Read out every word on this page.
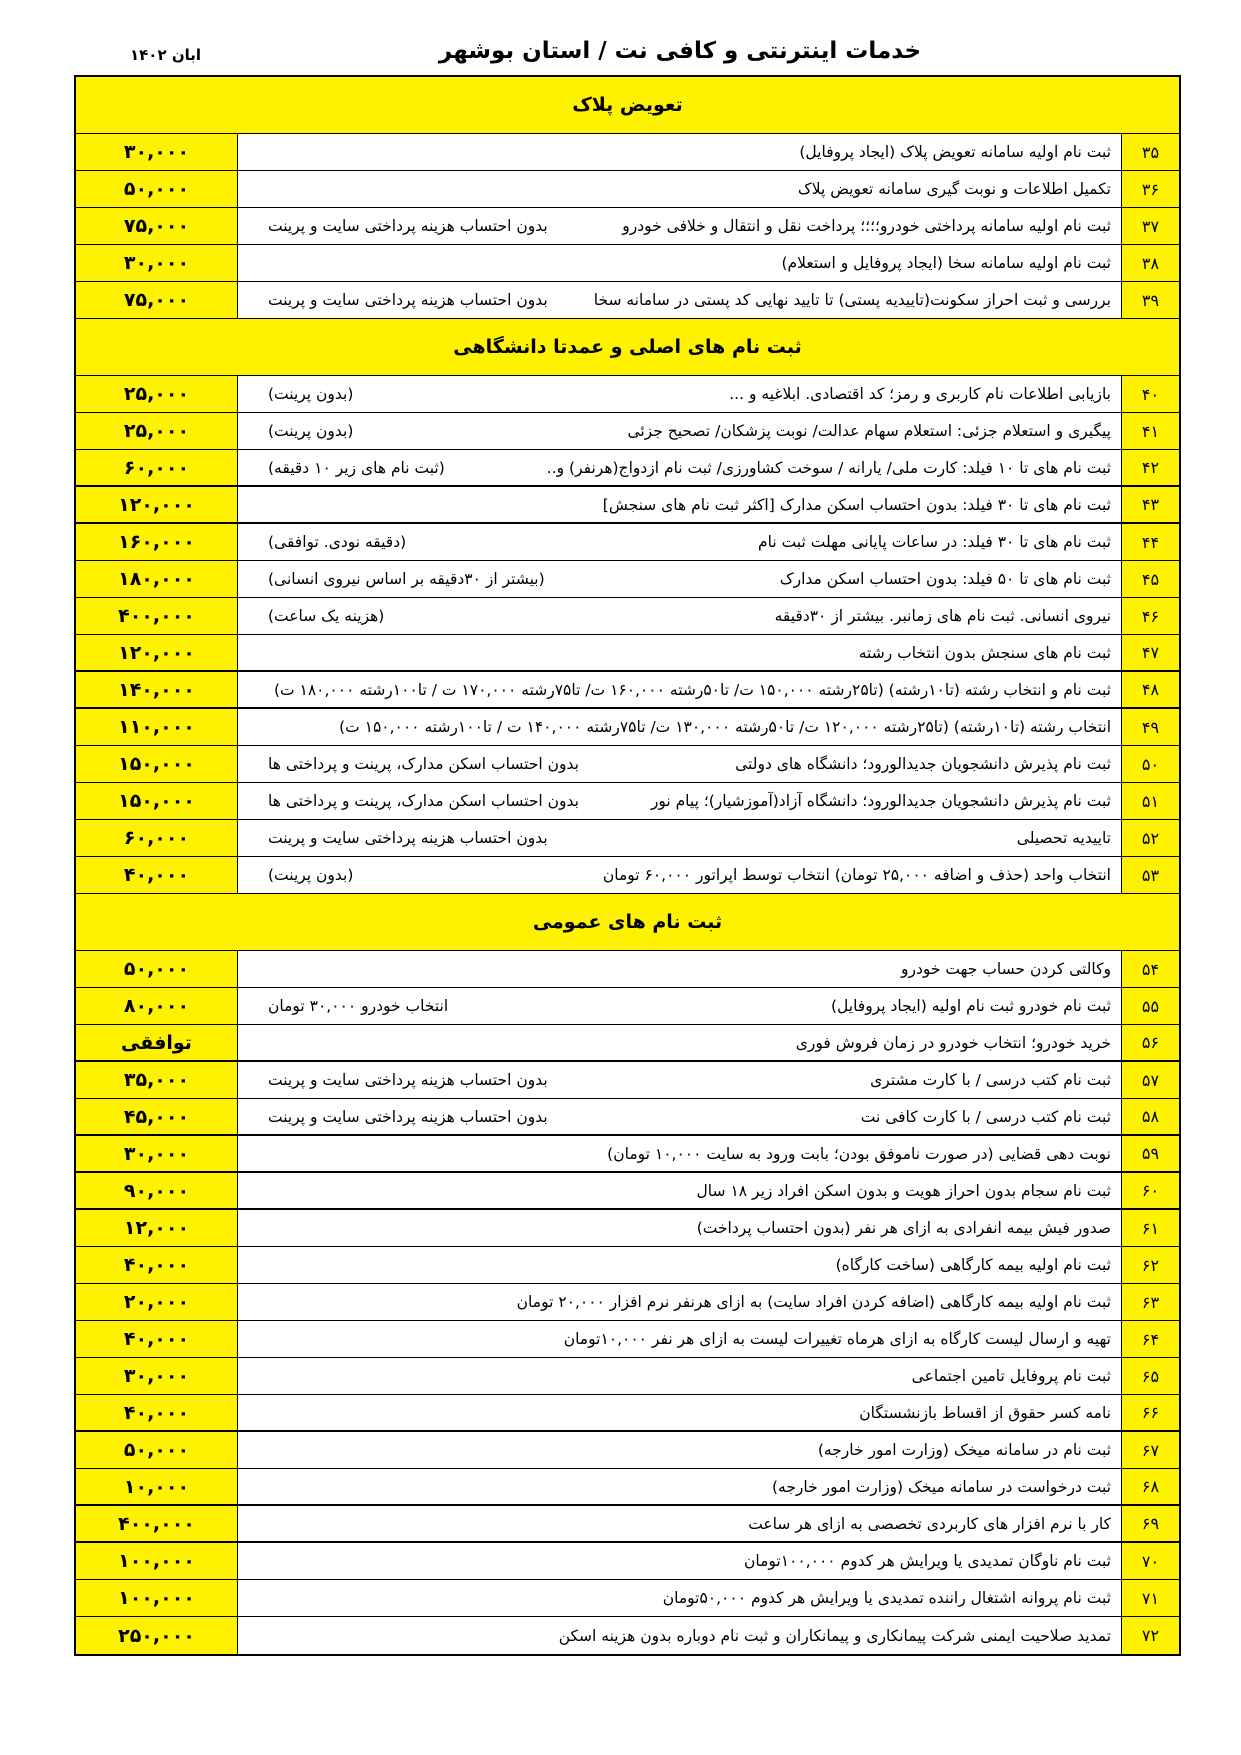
خدمات اینترنتی و کافی نت / استان بوشهر
ابان ۱۴۰۲
تعویض پلاک
۳۵
ثبت نام اولیه سامانه تعویض پلاک (ایجاد پروفایل)
۳۰,۰۰۰
۳۶
تکمیل اطلاعات و نوبت گیری سامانه تعویض پلاک
۵۰,۰۰۰
۳۷
ثبت نام اولیه سامانه پرداختی خودرو؛؛؛؛ پرداخت نقل و انتقال و خلافی خودرو
بدون احتساب هزینه پرداختی سایت و پرینت
۷۵,۰۰۰
۳۸
ثبت نام اولیه سامانه سخا (ایجاد پروفایل و استعلام)
۳۰,۰۰۰
۳۹
بررسی و ثبت احراز سکونت(تاییدیه پستی) تا تایید نهایی کد پستی در سامانه سخا
بدون احتساب هزینه پرداختی سایت و پرینت
۷۵,۰۰۰
ثبت نام های اصلی و عمدتا دانشگاهی
۴۰
بازیابی اطلاعات نام کاربری و رمز؛ کد اقتصادی. ابلاغیه و ...
(بدون پرینت)
۲۵,۰۰۰
۴۱
پیگیری و استعلام جزئی: استعلام سهام عدالت/ نوبت پزشکان/ تصحیح جزئی
(بدون پرینت)
۲۵,۰۰۰
۴۲
ثبت نام های تا ۱۰ فیلد: کارت ملی/ یارانه / سوخت کشاورزی/ ثبت نام ازدواج(هرنفر) و..
(ثبت نام های زیر ۱۰ دقیقه)
۶۰,۰۰۰
۴۳
ثبت نام های تا ۳۰ فیلد: بدون احتساب اسکن مدارک [اکثر ثبت نام های سنجش]
۱۲۰,۰۰۰
۴۴
ثبت نام های تا ۳۰ فیلد: در ساعات پایانی مهلت ثبت نام
(دقیقه نودی. توافقی)
۱۶۰,۰۰۰
۴۵
ثبت نام های تا ۵۰ فیلد: بدون احتساب اسکن مدارک
(بیشتر از ۳۰دقیقه بر اساس نیروی انسانی)
۱۸۰,۰۰۰
۴۶
نیروی انسانی. ثبت نام های زمانبر. بیشتر از ۳۰دقیقه
(هزینه یک ساعت)
۴۰۰,۰۰۰
۴۷
ثبت نام های سنجش بدون انتخاب رشته
۱۲۰,۰۰۰
۴۸
ثبت نام و انتخاب رشته (تا۱۰رشته) (تا۲۵رشته ۱۵۰,۰۰۰ ت/ تا۵۰رشته ۱۶۰,۰۰۰ ت/ تا۷۵رشته ۱۷۰,۰۰۰ ت / تا۱۰۰رشته ۱۸۰,۰۰۰ ت)
۱۴۰,۰۰۰
۴۹
انتخاب رشته (تا۱۰رشته) (تا۲۵رشته ۱۲۰,۰۰۰ ت/ تا۵۰رشته ۱۳۰,۰۰۰ ت/ تا۷۵رشته ۱۴۰,۰۰۰ ت / تا۱۰۰رشته ۱۵۰,۰۰۰ ت)
۱۱۰,۰۰۰
۵۰
ثبت نام پذیرش دانشجویان جدیدالورود؛ دانشگاه های دولتی
بدون احتساب اسکن مدارک، پرینت و پرداختی ها
۱۵۰,۰۰۰
۵۱
ثبت نام پذیرش دانشجویان جدیدالورود؛ دانشگاه آزاد(آموزشیار)؛ پیام نور
بدون احتساب اسکن مدارک، پرینت و پرداختی ها
۱۵۰,۰۰۰
۵۲
تاییدیه تحصیلی
بدون احتساب هزینه پرداختی سایت و پرینت
۶۰,۰۰۰
۵۳
انتخاب واحد (حذف و اضافه ۲۵,۰۰۰ تومان) انتخاب توسط اپراتور ۶۰,۰۰۰ تومان
(بدون پرینت)
۴۰,۰۰۰
ثبت نام های عمومی
۵۴
وکالتی کردن حساب جهت خودرو
۵۰,۰۰۰
۵۵
ثبت نام خودرو ثبت نام اولیه (ایجاد پروفایل)
انتخاب خودرو ۳۰,۰۰۰ تومان
۸۰,۰۰۰
۵۶
خرید خودرو؛ انتخاب خودرو در زمان فروش فوری
توافقی
۵۷
ثبت نام کتب درسی / با کارت مشتری
بدون احتساب هزینه پرداختی سایت و پرینت
۳۵,۰۰۰
۵۸
ثبت نام کتب درسی / با کارت کافی نت
بدون احتساب هزینه پرداختی سایت و پرینت
۴۵,۰۰۰
۵۹
نوبت دهی قضایی (در صورت ناموفق بودن؛ بابت ورود به سایت ۱۰,۰۰۰ تومان)
۳۰,۰۰۰
۶۰
ثبت نام سجام بدون احراز هویت و بدون اسکن افراد زیر ۱۸ سال
۹۰,۰۰۰
۶۱
صدور فیش بیمه انفرادی به ازای هر نفر (بدون احتساب پرداخت)
۱۲,۰۰۰
۶۲
ثبت نام اولیه بیمه کارگاهی (ساخت کارگاه)
۴۰,۰۰۰
۶۳
ثبت نام اولیه بیمه کارگاهی (اضافه کردن افراد سایت) به ازای هرنفر نرم افزار ۲۰,۰۰۰ تومان
۲۰,۰۰۰
۶۴
تهیه و ارسال لیست کارگاه به ازای هرماه تغییرات لیست به ازای هر نفر ۱۰,۰۰۰تومان
۴۰,۰۰۰
۶۵
ثبت نام پروفایل تامین اجتماعی
۳۰,۰۰۰
۶۶
نامه کسر حقوق از اقساط بازنشستگان
۴۰,۰۰۰
۶۷
ثبت نام در سامانه میخک (وزارت امور خارجه)
۵۰,۰۰۰
۶۸
ثبت درخواست در سامانه میخک (وزارت امور خارجه)
۱۰,۰۰۰
۶۹
کار با نرم افزار های کاربردی تخصصی به ازای هر ساعت
۴۰۰,۰۰۰
۷۰
ثبت نام ناوگان تمدیدی یا ویرایش هر کدوم ۱۰۰,۰۰۰تومان
۱۰۰,۰۰۰
۷۱
ثبت نام پروانه اشتغال راننده تمدیدی یا ویرایش هر کدوم ۵۰,۰۰۰تومان
۱۰۰,۰۰۰
۷۲
تمدید صلاحیت ایمنی شرکت پیمانکاری و پیمانکاران و ثبت نام دوباره بدون هزینه اسکن
۲۵۰,۰۰۰
